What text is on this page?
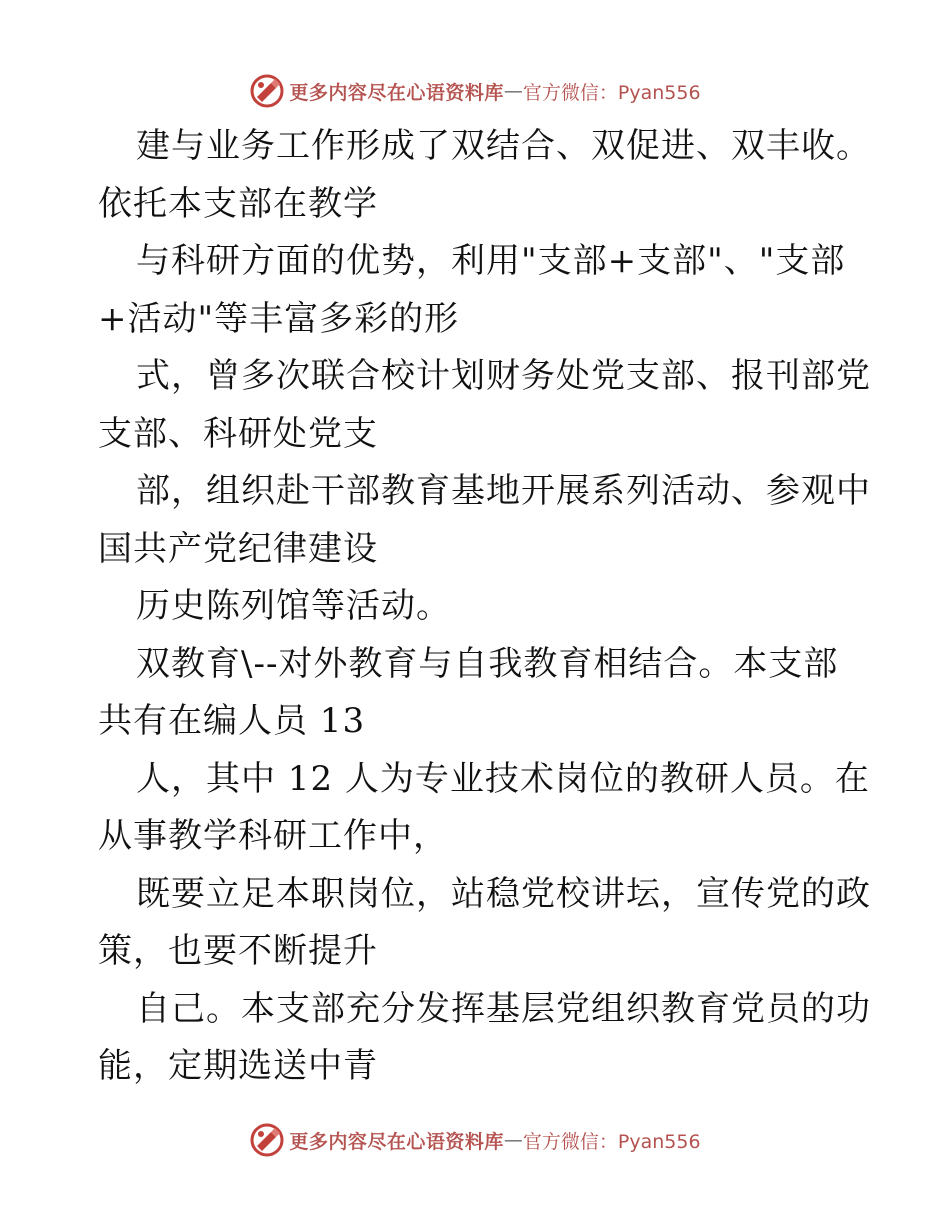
更多内容尽在心语资料库 — 官方微信：Pyan556
建与业务工作形成了双结合、双促进、双丰收。
依托本支部在教学
与科研方面的优势，利用"支部+支部"、"支部
+活动"等丰富多彩的形
式，曾多次联合校计划财务处党支部、报刊部党
支部、科研处党支
部，组织赴干部教育基地开展系列活动、参观中
国共产党纪律建设
历史陈列馆等活动。
双教育\--对外教育与自我教育相结合。本支部
共有在编人员 13
人，其中 12 人为专业技术岗位的教研人员。在
从事教学科研工作中，
既要立足本职岗位，站稳党校讲坛，宣传党的政
策，也要不断提升
自己。本支部充分发挥基层党组织教育党员的功
能，定期选送中青
更多内容尽在心语资料库 — 官方微信：Pyan556
